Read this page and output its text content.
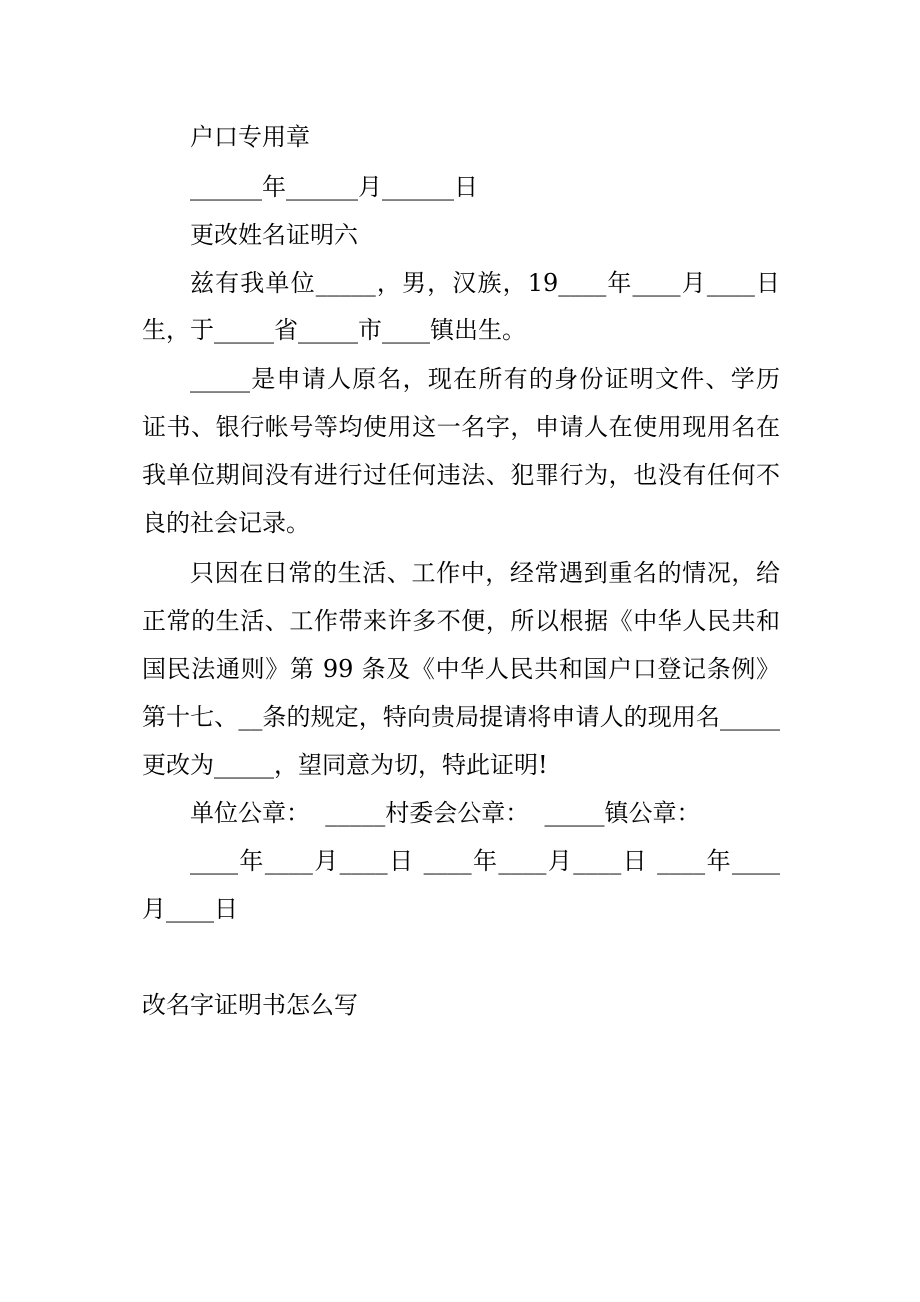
户口专用章

______年______月______日

更改姓名证明六

兹有我单位_____，男，汉族，19____年____月____日

生，于_____省_____市____镇出生。

_____是申请人原名，现在所有的身份证明文件、学历

证书、银行帐号等均使用这一名字，申请人在使用现用名在

我单位期间没有进行过任何违法、犯罪行为，也没有任何不

良的社会记录。

只因在日常的生活、工作中，经常遇到重名的情况，给

正常的生活、工作带来许多不便，所以根据《中华人民共和

国民法通则》第 99 条及《中华人民共和国户口登记条例》

第十七、__条的规定，特向贵局提请将申请人的现用名_____

更改为_____，望同意为切，特此证明!

单位公章：  _____村委会公章：  _____镇公章：

____年____月____日 ____年____月____日 ____年____

月____日

改名字证明书怎么写
